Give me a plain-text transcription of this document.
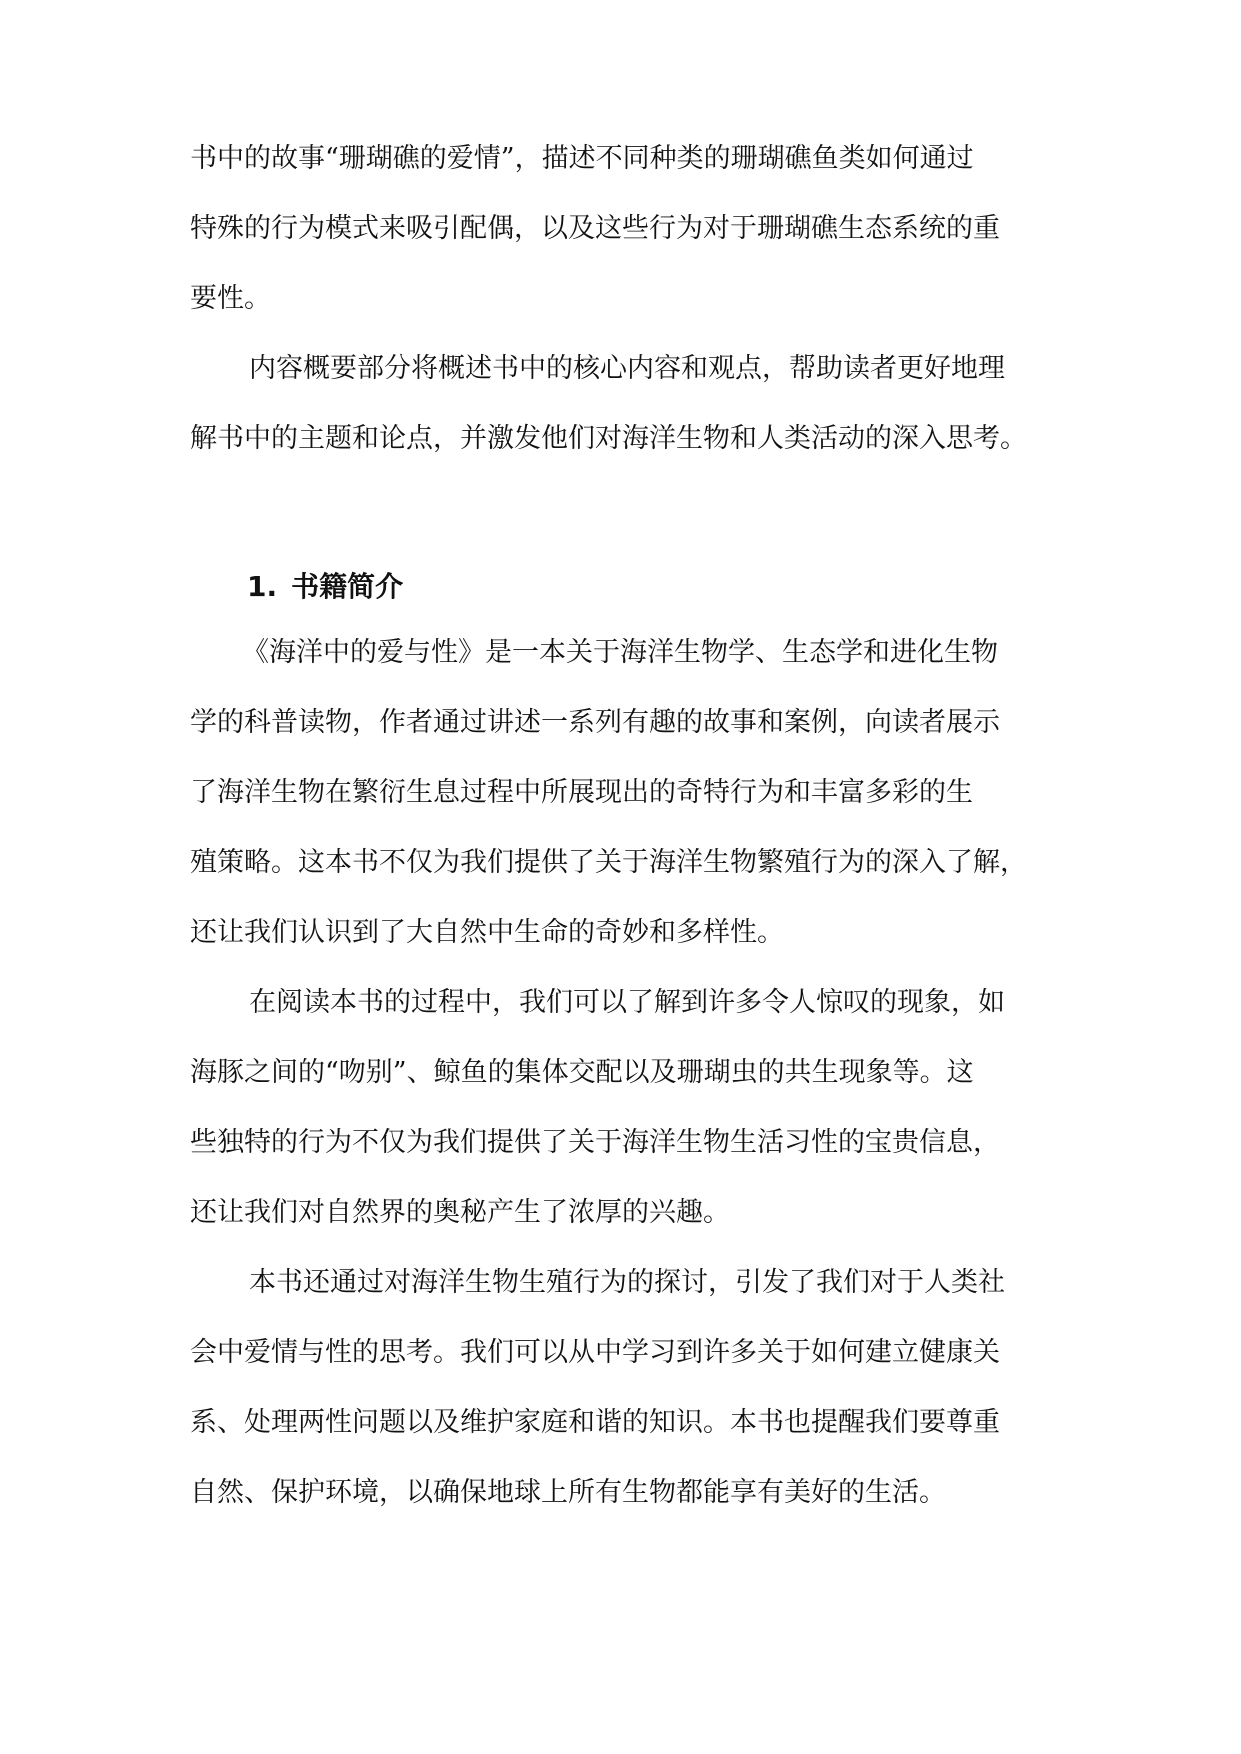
书中的故事“珊瑚礁的爱情”，描述不同种类的珊瑚礁鱼类如何通过
特殊的行为模式来吸引配偶，以及这些行为对于珊瑚礁生态系统的重
要性。
内容概要部分将概述书中的核心内容和观点，帮助读者更好地理
解书中的主题和论点，并激发他们对海洋生物和人类活动的深入思考。
1. 书籍简介
《海洋中的爱与性》是一本关于海洋生物学、生态学和进化生物
学的科普读物，作者通过讲述一系列有趣的故事和案例，向读者展示
了海洋生物在繁衍生息过程中所展现出的奇特行为和丰富多彩的生
殖策略。这本书不仅为我们提供了关于海洋生物繁殖行为的深入了解，
还让我们认识到了大自然中生命的奇妙和多样性。
在阅读本书的过程中，我们可以了解到许多令人惊叹的现象，如
海豚之间的“吻别”、鲸鱼的集体交配以及珊瑚虫的共生现象等。这
些独特的行为不仅为我们提供了关于海洋生物生活习性的宝贵信息，
还让我们对自然界的奥秘产生了浓厚的兴趣。
本书还通过对海洋生物生殖行为的探讨，引发了我们对于人类社
会中爱情与性的思考。我们可以从中学习到许多关于如何建立健康关
系、处理两性问题以及维护家庭和谐的知识。本书也提醒我们要尊重
自然、保护环境，以确保地球上所有生物都能享有美好的生活。
